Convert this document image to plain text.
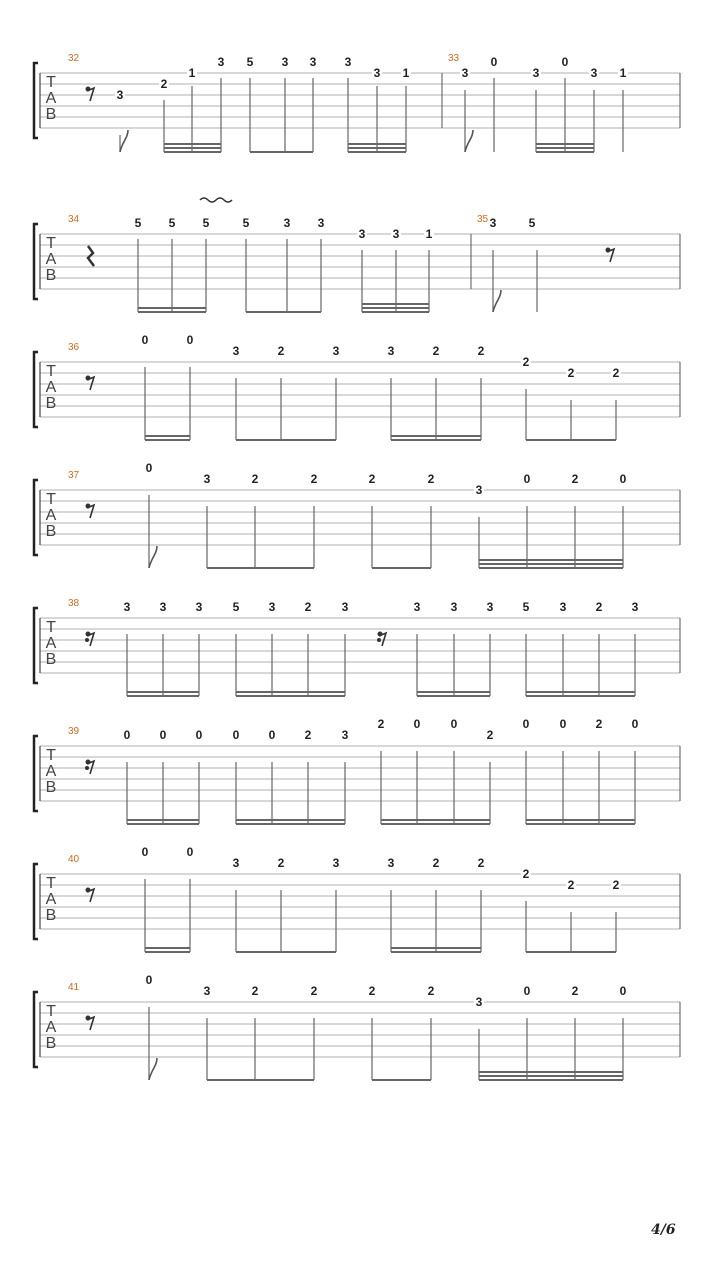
T
A
B
32
3
2
1
3 5 3 3 3
3 1
33
3
0
3
0
3 1
T
A
B
34	5 5 5	5	3 3
3 3 1
35 3	5
T
A
B
36
0	0
3	2	3	3	2	2
2
2	2
T
A
B
37
0
3	2	2	2	2
3
0	2	0
T
A
B
38	3 3 3	5 3 2	3	3	3 3 5	3 2 3
T
A
B
39	0 0 0	0 0 2	3
2 0	0
2
0	0 2 0
T
A
B
40
0	0
3	2	3	3	2	2
2
2	2
T
A
B
41
0
3	2	2	2	2
3
0	2	0
4/6
